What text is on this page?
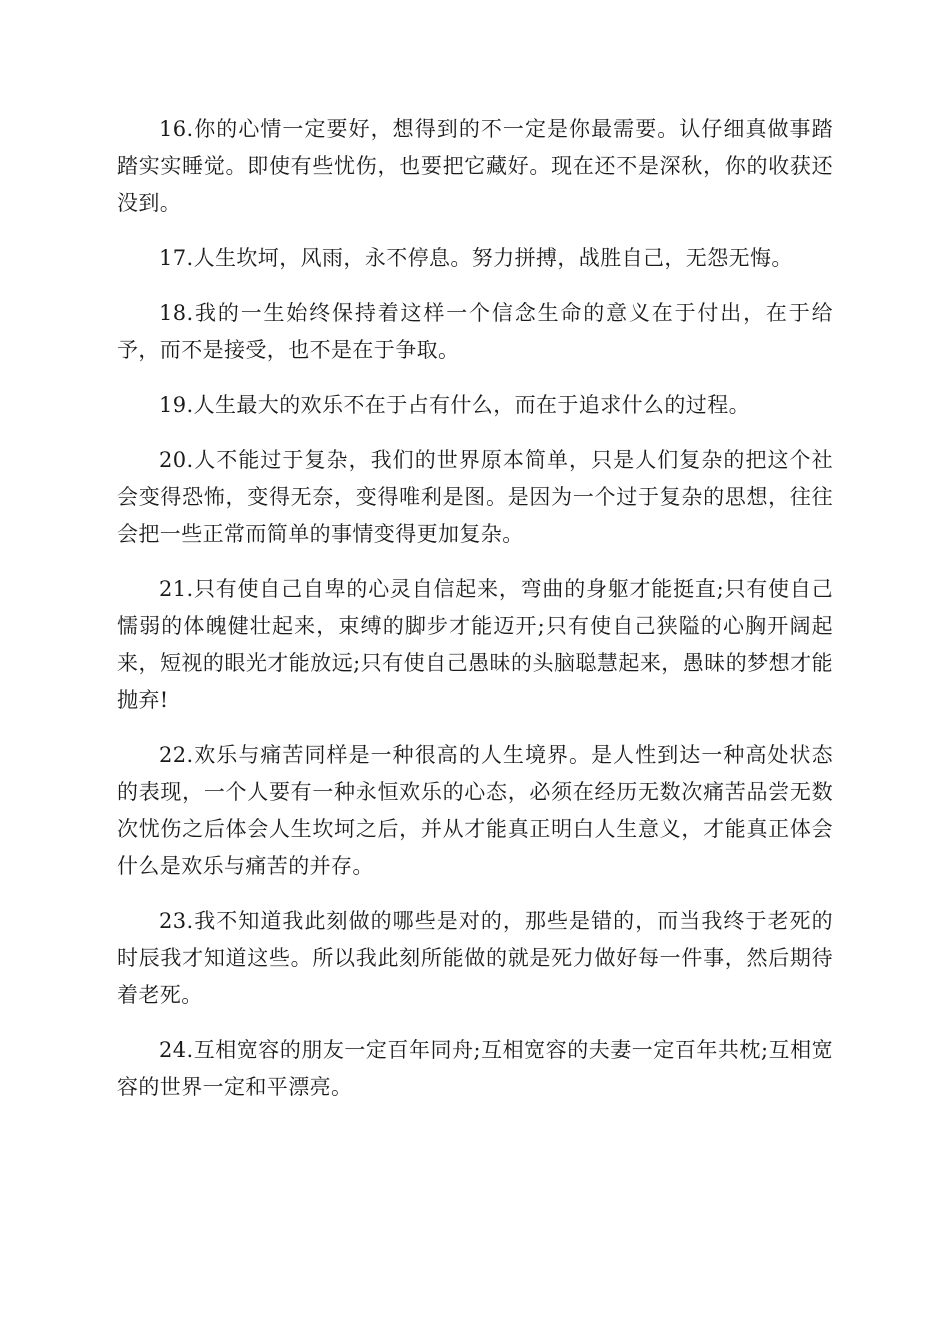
16.你的心情一定要好，想得到的不一定是你最需要。认仔细真做事踏踏实实睡觉。即使有些忧伤，也要把它藏好。现在还不是深秋，你的收获还没到。

17.人生坎坷，风雨，永不停息。努力拼搏，战胜自己，无怨无悔。

18.我的一生始终保持着这样一个信念生命的意义在于付出，在于给予，而不是接受，也不是在于争取。

19.人生最大的欢乐不在于占有什么，而在于追求什么的过程。

20.人不能过于复杂，我们的世界原本简单，只是人们复杂的把这个社会变得恐怖，变得无奈，变得唯利是图。是因为一个过于复杂的思想，往往会把一些正常而简单的事情变得更加复杂。

21.只有使自己自卑的心灵自信起来，弯曲的身躯才能挺直;只有使自己懦弱的体魄健壮起来，束缚的脚步才能迈开;只有使自己狭隘的心胸开阔起来，短视的眼光才能放远;只有使自己愚昧的头脑聪慧起来，愚昧的梦想才能抛弃!

22.欢乐与痛苦同样是一种很高的人生境界。是人性到达一种高处状态的表现，一个人要有一种永恒欢乐的心态，必须在经历无数次痛苦品尝无数次忧伤之后体会人生坎坷之后，并从才能真正明白人生意义，才能真正体会什么是欢乐与痛苦的并存。

23.我不知道我此刻做的哪些是对的，那些是错的，而当我终于老死的时辰我才知道这些。所以我此刻所能做的就是死力做好每一件事，然后期待着老死。

24.互相宽容的朋友一定百年同舟;互相宽容的夫妻一定百年共枕;互相宽容的世界一定和平漂亮。
